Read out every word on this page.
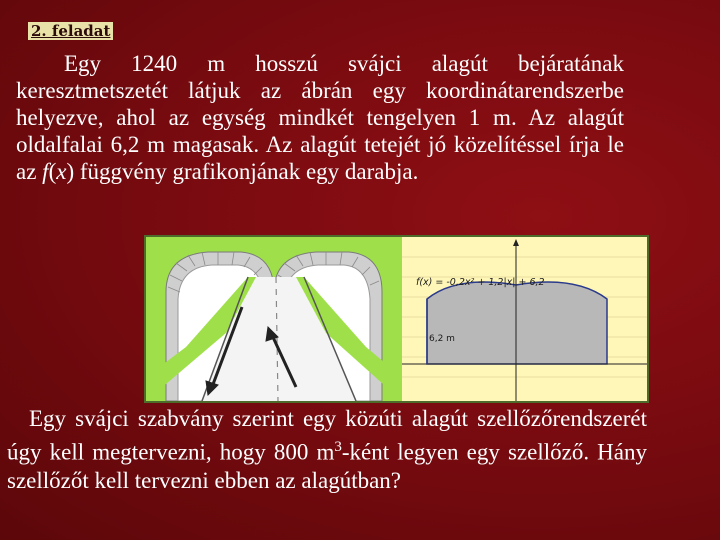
2. feladat

Egy 1240 m hosszú svájci alagút bejáratának keresztmetszetét látjuk az ábrán egy koordinátarendszerbe helyezve, ahol az egység mindkét tengelyen 1 m. Az alagút oldalfalai 6,2 m magasak. Az alagút tetejét jó közelítéssel írja le az f(x) függvény grafikonjának egy darabja.

f(x) = -0,2x² + 1,2|x| + 6,2
6,2 m

Egy svájci szabvány szerint egy közúti alagút szellőzőrendszerét úgy kell megtervezni, hogy 800 $m^3$-ként legyen egy szellőző. Hány szellőzőt kell tervezni ebben az alagútban?
